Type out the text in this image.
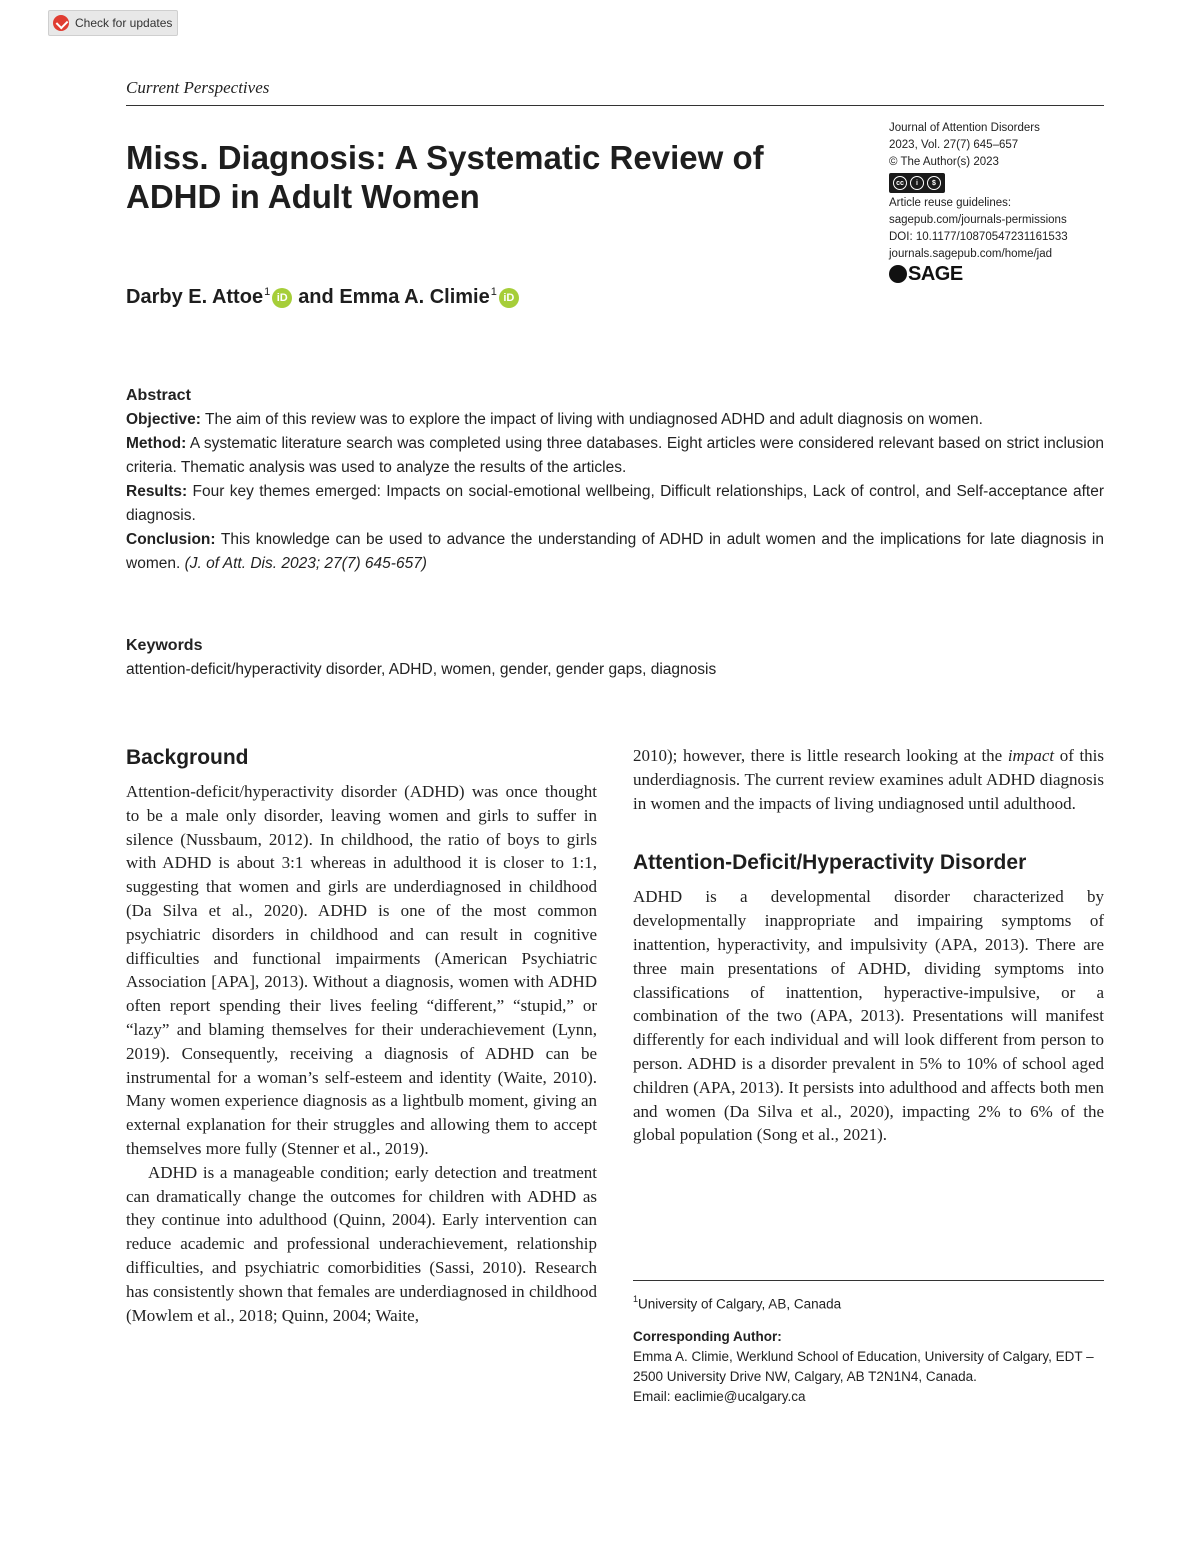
Check for updates
Current Perspectives
Miss. Diagnosis: A Systematic Review of ADHD in Adult Women
Journal of Attention Disorders
2023, Vol. 27(7) 645–657
© The Author(s) 2023
cc	i	$
Article reuse guidelines:
sagepub.com/journals-permissions
DOI: 10.1177/10870547231161533
journals.sagepub.com/home/jad
SAGE
Darby E. Attoe$^1$ iD and
Emma A. Climie$^1$ iD
Abstract

Objective: The aim of this review was to explore the impact of living with undiagnosed ADHD and adult diagnosis on women.

Method: A systematic literature search was completed using three databases. Eight articles were considered relevant based on strict inclusion criteria. Thematic analysis was used to analyze the results of the articles.

Results: Four key themes emerged: Impacts on social-emotional wellbeing, Difficult relationships, Lack of control, and Self-acceptance after diagnosis.

Conclusion: This knowledge can be used to advance the understanding of ADHD in adult women and the implications for late diagnosis in women. (J. of Att. Dis. 2023; 27(7) 645-657)

Keywords
attention-deficit/hyperactivity disorder, ADHD, women, gender, gender gaps, diagnosis
Background

Attention-deficit/hyperactivity disorder (ADHD) was once thought to be a male only disorder, leaving women and girls to suffer in silence (Nussbaum, 2012). In childhood, the ratio of boys to girls with ADHD is about 3:1 whereas in adulthood it is closer to 1:1, suggesting that women and girls are underdiagnosed in childhood (Da Silva et al., 2020). ADHD is one of the most common psychiatric disorders in childhood and can result in cognitive difficulties and functional impairments (American Psychiatric Association [APA], 2013). Without a diagnosis, women with ADHD often report spending their lives feeling “different,” “stupid,” or “lazy” and blaming themselves for their underachievement (Lynn, 2019). Consequently, receiving a diagnosis of ADHD can be instrumental for a woman’s self-esteem and identity (Waite, 2010). Many women experience diagnosis as a lightbulb moment, giving an external explanation for their struggles and allowing them to accept themselves more fully (Stenner et al., 2019).

ADHD is a manageable condition; early detection and treatment can dramatically change the outcomes for children with ADHD as they continue into adulthood (Quinn, 2004). Early intervention can reduce academic and professional underachievement, relationship difficulties, and psychiatric comorbidities (Sassi, 2010). Research has consistently shown that females are underdiagnosed in childhood (Mowlem et al., 2018; Quinn, 2004; Waite,

2010); however, there is little research looking at the impact of this underdiagnosis. The current review examines adult ADHD diagnosis in women and the impacts of living undiagnosed until adulthood.

Attention-Deficit/Hyperactivity Disorder

ADHD is a developmental disorder characterized by developmentally inappropriate and impairing symptoms of inattention, hyperactivity, and impulsivity (APA, 2013). There are three main presentations of ADHD, dividing symptoms into classifications of inattention, hyperactive-impulsive, or a combination of the two (APA, 2013). Presentations will manifest differently for each individual and will look different from person to person. ADHD is a disorder prevalent in 5% to 10% of school aged children (APA, 2013). It persists into adulthood and affects both men and women (Da Silva et al., 2020), impacting 2% to 6% of the global population (Song et al., 2021).

$^1$University of Calgary, AB, Canada
Corresponding Author:
Emma A. Climie, Werklund School of Education, University of Calgary, EDT – 2500 University Drive NW, Calgary, AB T2N1N4, Canada.
Email: eaclimie@ucalgary.ca
